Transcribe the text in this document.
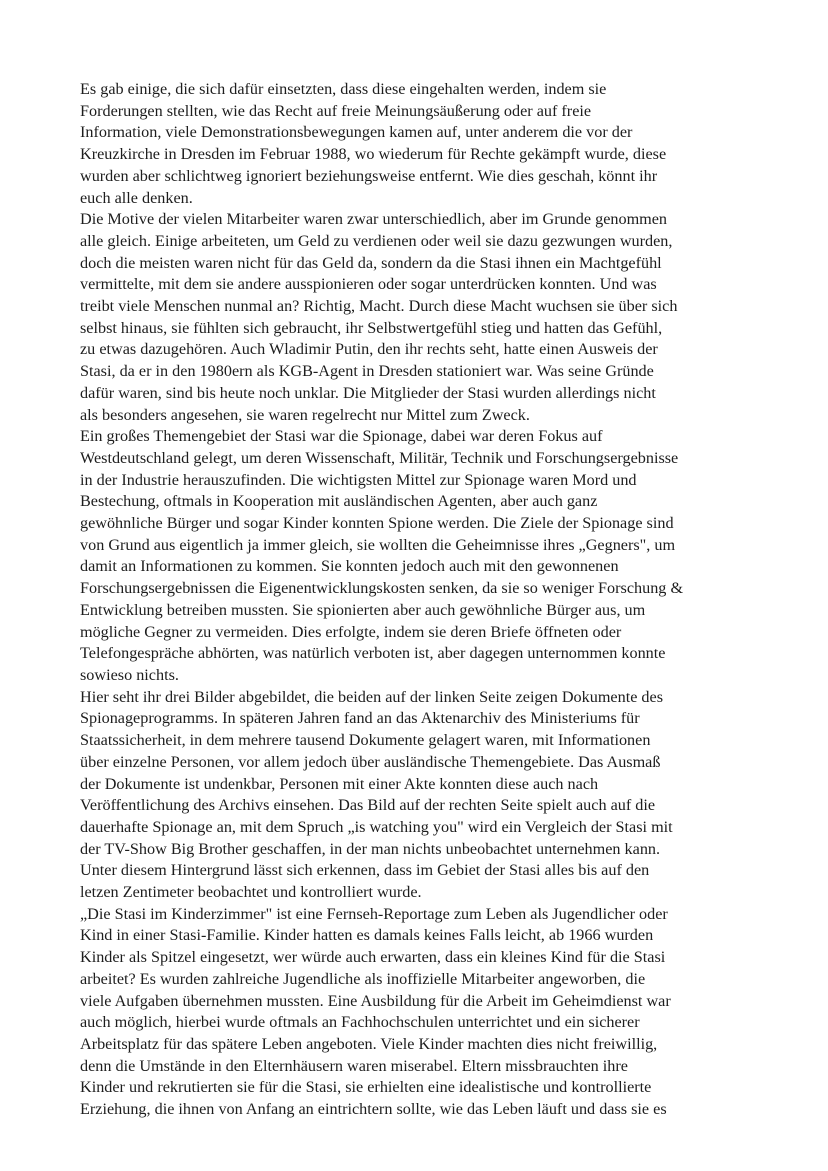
Es gab einige, die sich dafür einsetzten, dass diese eingehalten werden, indem sie
Forderungen stellten, wie das Recht auf freie Meinungsäußerung oder auf freie
Information, viele Demonstrationsbewegungen kamen auf, unter anderem die vor der
Kreuzkirche in Dresden im Februar 1988, wo wiederum für Rechte gekämpft wurde, diese
wurden aber schlichtweg ignoriert beziehungsweise entfernt. Wie dies geschah, könnt ihr
euch alle denken.

Die Motive der vielen Mitarbeiter waren zwar unterschiedlich, aber im Grunde genommen
alle gleich. Einige arbeiteten, um Geld zu verdienen oder weil sie dazu gezwungen wurden,
doch die meisten waren nicht für das Geld da, sondern da die Stasi ihnen ein Machtgefühl
vermittelte, mit dem sie andere ausspionieren oder sogar unterdrücken konnten. Und was
treibt viele Menschen nunmal an? Richtig, Macht. Durch diese Macht wuchsen sie über sich
selbst hinaus, sie fühlten sich gebraucht, ihr Selbstwertgefühl stieg und hatten das Gefühl,
zu etwas dazugehören. Auch Wladimir Putin, den ihr rechts seht, hatte einen Ausweis der
Stasi, da er in den 1980ern als KGB-Agent in Dresden stationiert war. Was seine Gründe
dafür waren, sind bis heute noch unklar. Die Mitglieder der Stasi wurden allerdings nicht
als besonders angesehen, sie waren regelrecht nur Mittel zum Zweck.

Ein großes Themengebiet der Stasi war die Spionage, dabei war deren Fokus auf
Westdeutschland gelegt, um deren Wissenschaft, Militär, Technik und Forschungsergebnisse
in der Industrie herauszufinden. Die wichtigsten Mittel zur Spionage waren Mord und
Bestechung, oftmals in Kooperation mit ausländischen Agenten, aber auch ganz
gewöhnliche Bürger und sogar Kinder konnten Spione werden. Die Ziele der Spionage sind
von Grund aus eigentlich ja immer gleich, sie wollten die Geheimnisse ihres „Gegners", um
damit an Informationen zu kommen. Sie konnten jedoch auch mit den gewonnenen
Forschungsergebnissen die Eigenentwicklungskosten senken, da sie so weniger Forschung &
Entwicklung betreiben mussten. Sie spionierten aber auch gewöhnliche Bürger aus, um
mögliche Gegner zu vermeiden. Dies erfolgte, indem sie deren Briefe öffneten oder
Telefongespräche abhörten, was natürlich verboten ist, aber dagegen unternommen konnte
sowieso nichts.

Hier seht ihr drei Bilder abgebildet, die beiden auf der linken Seite zeigen Dokumente des
Spionageprogramms. In späteren Jahren fand an das Aktenarchiv des Ministeriums für
Staatssicherheit, in dem mehrere tausend Dokumente gelagert waren, mit Informationen
über einzelne Personen, vor allem jedoch über ausländische Themengebiete. Das Ausmaß
der Dokumente ist undenkbar, Personen mit einer Akte konnten diese auch nach
Veröffentlichung des Archivs einsehen. Das Bild auf der rechten Seite spielt auch auf die
dauerhafte Spionage an, mit dem Spruch „is watching you" wird ein Vergleich der Stasi mit
der TV-Show Big Brother geschaffen, in der man nichts unbeobachtet unternehmen kann.
Unter diesem Hintergrund lässt sich erkennen, dass im Gebiet der Stasi alles bis auf den
letzen Zentimeter beobachtet und kontrolliert wurde.

„Die Stasi im Kinderzimmer" ist eine Fernseh-Reportage zum Leben als Jugendlicher oder
Kind in einer Stasi-Familie. Kinder hatten es damals keines Falls leicht, ab 1966 wurden
Kinder als Spitzel eingesetzt, wer würde auch erwarten, dass ein kleines Kind für die Stasi
arbeitet? Es wurden zahlreiche Jugendliche als inoffizielle Mitarbeiter angeworben, die
viele Aufgaben übernehmen mussten. Eine Ausbildung für die Arbeit im Geheimdienst war
auch möglich, hierbei wurde oftmals an Fachhochschulen unterrichtet und ein sicherer
Arbeitsplatz für das spätere Leben angeboten. Viele Kinder machten dies nicht freiwillig,
denn die Umstände in den Elternhäusern waren miserabel. Eltern missbrauchten ihre
Kinder und rekrutierten sie für die Stasi, sie erhielten eine idealistische und kontrollierte
Erziehung, die ihnen von Anfang an eintrichtern sollte, wie das Leben läuft und dass sie es
